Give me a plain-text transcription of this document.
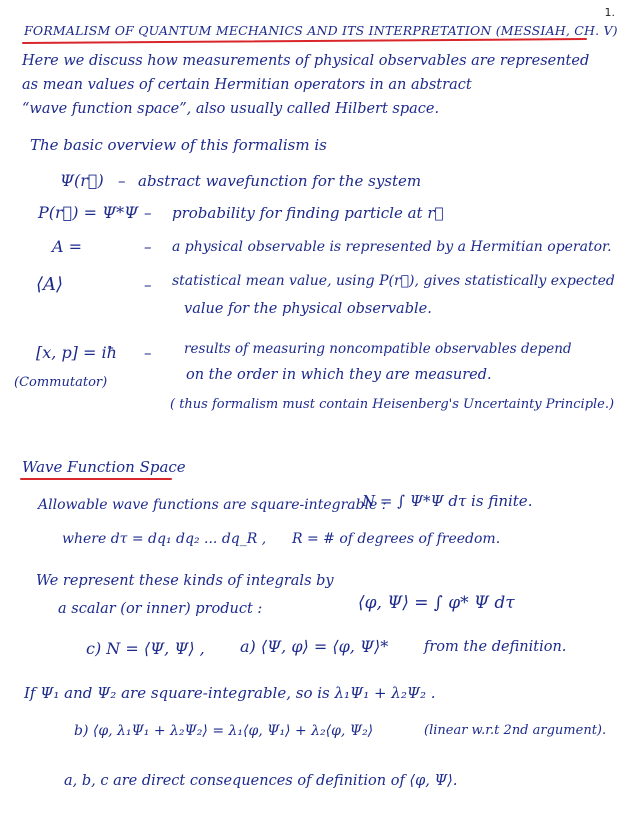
1.
FORMALISM OF QUANTUM MECHANICS AND ITS INTERPRETATION (MESSIAH, CH. V)
Here we discuss how measurements of physical observables are represented
as mean values of certain Hermitian operators in an abstract
“wave function space”, also usually called Hilbert space.
The basic overview of this formalism is
Ψ(r⃗) – abstract wavefunction for the system
P(r⃗) = Ψ*Ψ – probability for finding particle at r⃗
A =	– a physical observable is represented by a Hermitian operator.
⟨A⟩	– statistical mean value, using P(r⃗), gives statistically expected
value for the physical observable.
[x, p] = iħ – results of measuring noncompatible observables depend
(Commutator)	on the order in which they are measured.
( thus formalism must contain Heisenberg's Uncertainty Principle.)
Wave Function Space
Allowable wave functions are square-integrable :
N = ∫ Ψ*Ψ dτ is finite.
where dτ = dq₁ dq₂ ... dq_R , R = # of degrees of freedom.
We represent these kinds of integrals by
a scalar (or inner) product :	⟨φ, Ψ⟩ = ∫ φ* Ψ dτ
c) N = ⟨Ψ, Ψ⟩ , a) ⟨Ψ, φ⟩ = ⟨φ, Ψ⟩* from the definition.
If Ψ₁ and Ψ₂ are square-integrable, so is λ₁Ψ₁ + λ₂Ψ₂ .
b) ⟨φ, λ₁Ψ₁ + λ₂Ψ₂⟩ = λ₁⟨φ, Ψ₁⟩ + λ₂⟨φ, Ψ₂⟩	(linear w.r.t 2nd argument).
a, b, c are direct consequences of definition of ⟨φ, Ψ⟩.
